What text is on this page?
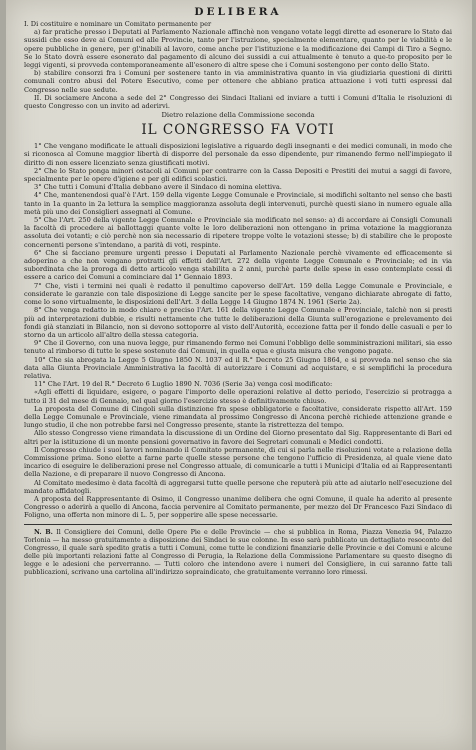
DELIBERA

I. Di costituire e nominare un Comitato permanente per

a) far pratiche presso i Deputati al Parlamento Nazionale affinchè non vengano votate leggi dirette ad esonerare lo Stato dai sussidi che esso deve ai Comuni ed alle Provincie, tanto per l'istruzione, specialmente elementare, quanto per le viabilità e le opere pubbliche in genere, per gl'inabili al lavoro, come anche per l'istituzione e la modificazione dei Campi di Tiro a Segno. Se lo Stato dovrà essere esonerato dal pagamento di alcuno dei sussidi a cui attualmente è tenuto a que-to proposito per le leggi vigenti, si provveda contemporaneamente all'esonero di altre spese che i Comuni sostengono per conto dello Stato.

b) stabilire consorzi fra i Comuni per sostenere tanto in via amministrativa quanto in via giudiziaria questioni di diritti comunali contro abusi del Potere Esecutivo, come per ottenere che abbiano pratica attuazione i voti tutti espressi dal Congresso nelle sue sedute.

II. Di sociamere Ancona a sede del 2° Congresso dei Sindaci Italiani ed inviare a tutti i Comuni d'Italia le risoluzioni di questo Congresso con un invito ad aderirvi.

Dietro relazione della Commissione seconda
IL CONGRESSO FA VOTI

1° Che vengano modificate le attuali disposizioni legislative a riguardo degli insegnanti e dei medici comunali, in modo che si riconosca al Comune maggior libertà di disporre del personale da esso dipendente, pur rimanendo fermo nell'impiegato il diritto di non essere licenziato senza giustificati motivi.

2° Che lo Stato ponga minori ostacoli ai Comuni per contrarre con la Cassa Depositi e Prestiti dei mutui a saggi di favore, specialmente per le opere d'igiene e per gli edifici scolastici.

3° Che tutti i Comuni d'Italia debbano avere il Sindaco di nomina elettiva.

4° Che, mantenendosi qual'è l'Art. 159 della vigente Legge Comunale e Provinciale, si modifichi soltanto nel senso che basti tanto in 1a quanto in 2a lettura la semplice maggioranza assoluta degli intervenuti, purchè questi siano in numero eguale alla metà più uno dei Consiglieri assegnati al Comune.

5° Che l'Art. 250 della vigente Legge Comunale e Provinciale sia modificato nel senso: a) di accordare ai Consigli Comunali la facoltà di procedere ai ballottaggi quante volte le loro deliberazioni non ottengano in prima votazione la maggioranza assoluta dei votanti; e ciò perchè non sia necessario di ripetere troppe volte le votazioni stesse; b) di stabilire che le proposte concernenti persone s'intendano, a parità di voti, respinte.

6° Che si facciano premure urgenti presso i Deputati al Parlamento Nazionale perchè vivamente ed efficacemente si adoperino a che non vengano protratti gli effetti dell'Art. 272 della vigente Legge Comunale e Provinciale; ed in via subordinata che la proroga di detto articolo venga stabilita a 2 anni, purchè parte delle spese in esso contemplate cessi di essere a carico dei Comuni a cominciare dal 1° Gennaio 1893.

7° Che, visti i termini nei quali è redatto il penultimo capoverso dell'Art. 159 della Legge Comunale e Provinciale, e considerate le garanzie con tale disposizione di Legge sancite per le spese facoltative, vengano dichiarate abrogate di fatto, come lo sono virtualmente, le disposizioni dell'Art. 3 della Legge 14 Giugno 1874 N. 1961 (Serie 2a).

8° Che venga redatto in modo chiaro e preciso l'Art. 161 della vigente Legge Comunale e Provinciale, talchè non si presti più ad interpretazioni dubbie, e risulti nettamente che tutte le deliberazioni della Giunta sull'erogazione e prelevamento dei fondi già stanziati in Bilancio, non si devono sottoporre al visto dell'Autorità, eccezione fatta per il fondo delle casuali e per lo storno da un articolo all'altro della stessa categoria.

9° Che il Governo, con una nuova legge, pur rimanendo fermo nei Comuni l'obbligo delle somministrazioni militari, sia esso tenuto al rimborso di tutte le spese sostenute dai Comuni, in quella equa e giusta misura che vengono pagate.

10° Che sia abrogata la Legge 5 Giugno 1850 N. 1037 ed il R.° Decreto 25 Giugno 1864, e si provveda nel senso che sia data alla Giunta Provinciale Amministrativa la facoltà di autorizzare i Comuni ad acquistare, e si semplifichi la procedura relativa.

11° Che l'Art. 19 del R.° Decreto 6 Luglio 1890 N. 7036 (Serie 3a) venga così modificato:

«Agli effetti di liquidare, esigere, o pagare l'importo delle operazioni relative al detto periodo, l'esercizio si protragga a tutto il 31 del mese di Gennaio, nel qual giorno l'esercizio stesso è definitivamente chiuso.

La proposta del Comune di Cingoli sulla distinzione fra spese obbligatorie e facoltative, considerate rispetto all'Art. 159 della Legge Comunale e Provinciale, viene rimandata al prossimo Congresso di Ancona perchè richiede attenzione grande e lungo studio, il che non potrebbe farsi nel Congresso presente, stante la ristrettezza del tempo.

Allo stesso Congresso viene rimandata la discussione di un Ordine del Giorno presentato dal Sig. Rappresentante di Bari ed altri per la istituzione di un monte pensioni governativo in favore dei Segretari comunali e Medici condotti.

Il Congresso chiude i suoi lavori nominando il Comitato permanente, di cui si parla nelle risoluzioni votate a relazione della Commissione prima. Sono elette a farne parte quelle stesse persone che tengono l'ufficio di Presidenza, al quale viene dato incarico di eseguire le deliberazioni prese nel Congresso attuale, di comunicarle a tutti i Municipi d'Italia ed ai Rappresentanti della Nazione, e di preparare il nuovo Congresso di Ancona.

Al Comitato medesimo è data facoltà di aggregarsi tutte quelle persone che reputerà più atte ad aiutarlo nell'esecuzione del mandato affidatogli.

A proposta del Rappresentante di Osimo, il Congresso unanime delibera che ogni Comune, il quale ha aderito al presente Congresso o aderirà a quello di Ancona, faccia pervenire al Comitato permanente, per mezzo del Dr Francesco Fazi Sindaco di Foligno, una offerta non minore di L. 5, per sopperire alle spese necessarie.

N. B. Il Consigliere dei Comuni, delle Opere Pie e delle Provincie — che si pubblica in Roma, Piazza Venezia 94, Palazzo Torlonia — ha messo gratuitamente a disposizione dei Sindaci le sue colonne. In esso sarà pubblicato un dettagliato resoconto del Congresso, il quale sarà spedito gratis a tutti i Comuni, come tutte le condizioni finanziarie delle Provincie e dei Comuni e alcune delle più importanti relazioni fatte al Congresso di Perugia, la Relazione della Commissione Parlamentare su questo disegno di legge e le adesioni che perverranno. — Tutti coloro che intendono avere i numeri del Consigliere, in cui saranno fatte tali pubblicazioni, scrivano una cartolina all'indirizzo sopraindicato, che gratuitamente verranno loro rimessi.
